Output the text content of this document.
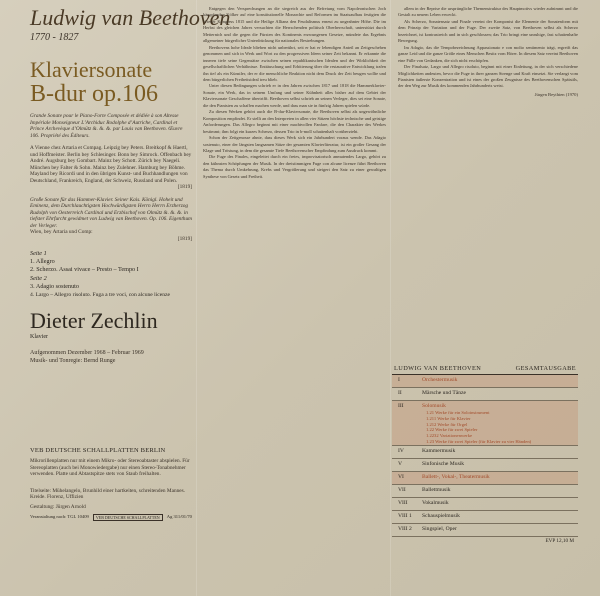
Ludwig van Beethoven
1770 - 1827
Klaviersonate
B-dur op.106
Grande Sonate pour le Piano-Forte Composée et dédiée à son Altesse Impériale Monseigneur L’Archiduc Rodolphe d’Autriche, Cardinal et Prince Archevèque d’Olmütz &. &. &. par Louis van Beethoven. Œuvre 106. Propriété des Éditeurs.
A Vienne chez Artaria et Compag. Leipzig bey Peters. Breitkopf & Haertl, und Hoffmeister. Berlin bey Schlesinger. Bonn bey Simrock. Offenbach bey André. Augsburg bey Gombart. Mainz bey Schott. Zürich bey Naegeli. München bey Falter & Sohn. Mainz bey Zulehner. Hamburg bey Böhme. Mayland bey Ricordi und in den übrigen Kunst- und Buchhandlungen von Deutschland, Frankreich, England, der Schweiz, Russland und Polen.
[1819]
Große Sonate für das Hammer-Klavier. Seiner Kais. Königl. Hoheit und Eminenz, dem Durchlauchtigsten Hochwürdigsten Herrn Herrn Erzherzog Rudolph von Oesterreich Cardinal und Erzbischof von Olmütz &. &. &. in tiefster Ehrfurcht gewidmet von Ludwig van Beethoven. Op. 106. Eigenthum der Verleger.
Wien, bey Artaria und Comp:
[1819]
Seite 1
1. Allegro
2. Scherzo. Assai vivace – Presto – Tempo I
Seite 2
3. Adagio sostenuto
4. Largo – Allegro risoluto. Fuga a tre voci, con alcune licenze
Dieter Zechlin
Klavier
Aufgenommen Dezember 1968 – Februar 1969
Musik- und Tonregie: Bernd Runge
VEB DEUTSCHE SCHALLPLATTEN BERLIN
Mikrorillenplatten nur mit einem Mikro- oder Stereoabtaster abspielen. Für Stereoplatten (auch bei Monowiedergabe) nur einen Stereo-Tonabnehmer verwenden. Platte und Abtastspitze stets von Staub freihalten.
Titelseite: Mühelangelo, Brunhild einer hartkeiten, schreitenden Mannes. Kreide. Florenz, Uffizien
Gestaltung: Jürgen Arnold
Veranstaltung nach: TGL 10409	VEB DEUTSCHE SCHALLPLATTEN	Ag 311/01/70

Entgegen den Versprechungen an die siegreich aus der Befreiung vom Napoleonischen Joch kämpfenden Völker auf eine konstitutionelle Monarchie und Reformen im Staatsaufbau festigten die Wiener Kongress 1815 und die Heilige Allianz den Feudalismus erneut zu ungeahnter Höhe. Die im Herbst des gleichen Jahres versuchten die Herrschenden politisch Oberherrschaft, unterstützt durch Metternich und die gegen die Fürsten des Kontinents erzwungenen Gesetze, mündete das Ergebnis allgemeiner bürgerlicher Unterdrückung für nationales Bestrebungen.

Beethovens hohe Ideale blieben nicht unberührt, seit er hat er lebendigen Anteil an Zeitgeschehen genommen und sich in Werk und Wort zu den progressiven Ideen seiner Zeit bekannt. Er erkannte die inneren tiefe seine Gegensätze zwischen seinen republikanischen Idealen und der Wirklichkeit der gesellschaftlichen Verhältnisse. Enttäuschung und Erbitterung über die restaurative Entwicklung trafen ihn tief als ein Künstler, der er die menschliche Reaktion nicht dem Druck der Zeit beugen wollte und dem bürgerlichen Freiheitsideal treu blieb.

Unter diesen Bedingungen schrieb er in den Jahren zwischen 1817 und 1818 die Hammerklavier-Sonate, ein Werk, das in seinem Umfang und seiner Kühnheit alles bisher auf dem Gebiet der Klaviersonate Geschaffene übertrifft. Beethoven selbst schrieb an seinen Verleger, dies sei eine Sonate, die den Pianisten zu schaffen machen werde, und dass man sie in fünfzig Jahren spielen würde.

Zu diesen Werken gehört auch die B-dur-Klaviersonate, die Beethoven selbst als ungewöhnliche Komposition empfindet. Er stellt an den Interpreten in allen vier Sätzen höchste technische und geistige Anforderungen. Das Allegro beginnt mit einer machtvollen Fanfare, die den Charakter des Werkes bestimmt; ihm folgt ein kurzes Scherzo, dessen Trio in b-moll schattenhaft vorüberzieht.

Schon der Zeitgenosse ahnte, dass dieses Werk sich ein Jahrhundert voraus wende. Das Adagio sostenuto, einer der längsten langsamen Sätze der gesamten Klavierliteratur, ist ein großer Gesang der Klage und Tröstung, in dem die gesamte Tiefe Beethovenscher Empfindung zum Ausdruck kommt.

Die Fuge des Finales, eingeleitet durch ein freies, improvisatorisch anmutendes Largo, gehört zu den kühnsten Schöpfungen der Musik. In der dreistimmigen Fuge con alcune licenze führt Beethoven das Thema durch Umkehrung, Krebs und Vergrößerung und steigert den Satz zu einer gewaltigen Synthese von Gesetz und Freiheit.

allem in der Reprise die ursprüngliche Themenstruktur des Hauptmotivs wieder aufnimmt und die Gestalt zu neuem Leben erweckt.

Als Scherzo, Sonatensatz und Finale vereint der Komponist die Elemente der Sonatenform mit dem Prinzip der Variation und der Fuge. Der zweite Satz, von Beethoven selbst als Scherzo bezeichnet, ist kontrastreich und in sich geschlossen; das Trio bringt eine unruhige, fast schattenhafte Bewegung.

Im Adagio, das die Tempobezeichnung Appassionato e con molto sentimento trägt, ergreift das ganze Leid und die ganze Größe eines Menschen Besitz vom Hörer. In diesem Satz vereint Beethoven eine Fülle von Gedanken, die sich nicht erschöpfen.

Der Finalsatz, Largo und Allegro risoluto, beginnt mit einer Einleitung, in der sich verschiedene Möglichkeiten andeuten, bevor die Fuge in ihrer ganzen Strenge und Kraft einsetzt. Sie verlangt vom Pianisten äußerste Konzentration und ist eines der großen Zeugnisse des Beethovenschen Spätstils, der den Weg zur Musik des kommenden Jahrhunderts weist.

Jürgen Beythien (1970)
LUDWIG VAN BEETHOVEN	GESAMTAUSGABE
I	Orchestermusik
II	Märsche und Tänze
III	Solomusik
1.21 Werke für ein Soloinstrument
1.211 Werke für Klavier
1.212 Werke für Orgel
1.22 Werke für zwei Spieler
1.2232 Variationenwerke
1.23 Werke für zwei Spieler (für Klavier zu vier Händen)
IV	Kammermusik
V	Sinfonische Musik
VI	Ballett-, Vokal-, Theatermusik
VII	Ballettmusik
VIII	Vokalmusik
VIII 1	Schauspielmusik
VIII 2	Singspiel, Oper
EVP 12,10 M
